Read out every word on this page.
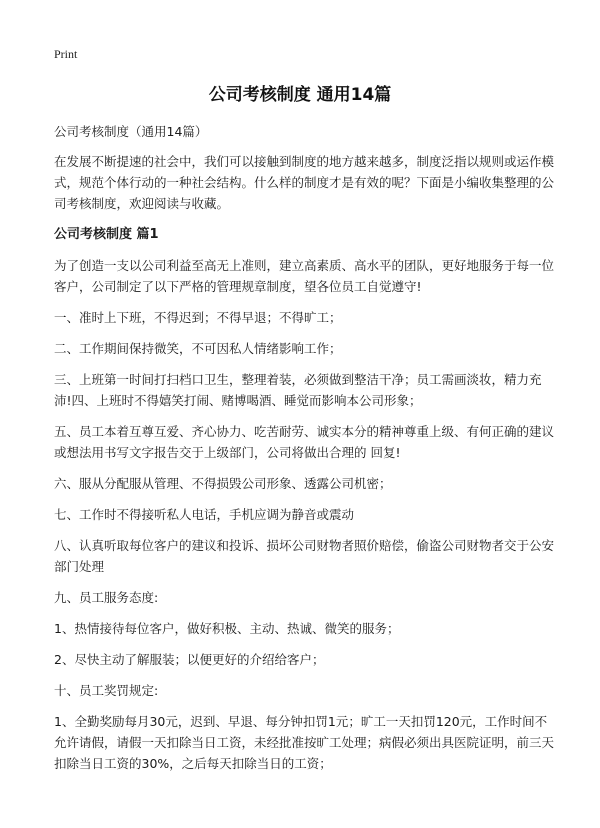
Print
公司考核制度 通用14篇

公司考核制度（通用14篇）

在发展不断提速的社会中，我们可以接触到制度的地方越来越多，制度泛指以规则或运作模式，规范个体行动的一种社会结构。什么样的制度才是有效的呢？下面是小编收集整理的公司考核制度，欢迎阅读与收藏。

公司考核制度 篇1

为了创造一支以公司利益至高无上准则，建立高素质、高水平的团队，更好地服务于每一位客户，公司制定了以下严格的管理规章制度，望各位员工自觉遵守!

一、准时上下班，不得迟到；不得早退；不得旷工；

二、工作期间保持微笑，不可因私人情绪影响工作；

三、上班第一时间打扫档口卫生，整理着装，必须做到整洁干净；员工需画淡妆，精力充沛!四、上班时不得嬉笑打闹、赌博喝酒、睡觉而影响本公司形象；

五、员工本着互尊互爱、齐心协力、吃苦耐劳、诚实本分的精神尊重上级、有何正确的建议或想法用书写文字报告交于上级部门，公司将做出合理的 回复!

六、服从分配服从管理、不得损毁公司形象、透露公司机密；

七、工作时不得接听私人电话，手机应调为静音或震动

八、认真听取每位客户的建议和投诉、损坏公司财物者照价赔偿，偷盗公司财物者交于公安部门处理

九、员工服务态度:

1、热情接待每位客户，做好积极、主动、热诚、微笑的服务；

2、尽快主动了解服装；以便更好的介绍给客户；

十、员工奖罚规定:

1、全勤奖励每月30元，迟到、早退、每分钟扣罚1元；旷工一天扣罚120元，工作时间不允许请假，请假一天扣除当日工资，未经批准按旷工处理；病假必须出具医院证明，前三天扣除当日工资的30%，之后每天扣除当日的工资；
